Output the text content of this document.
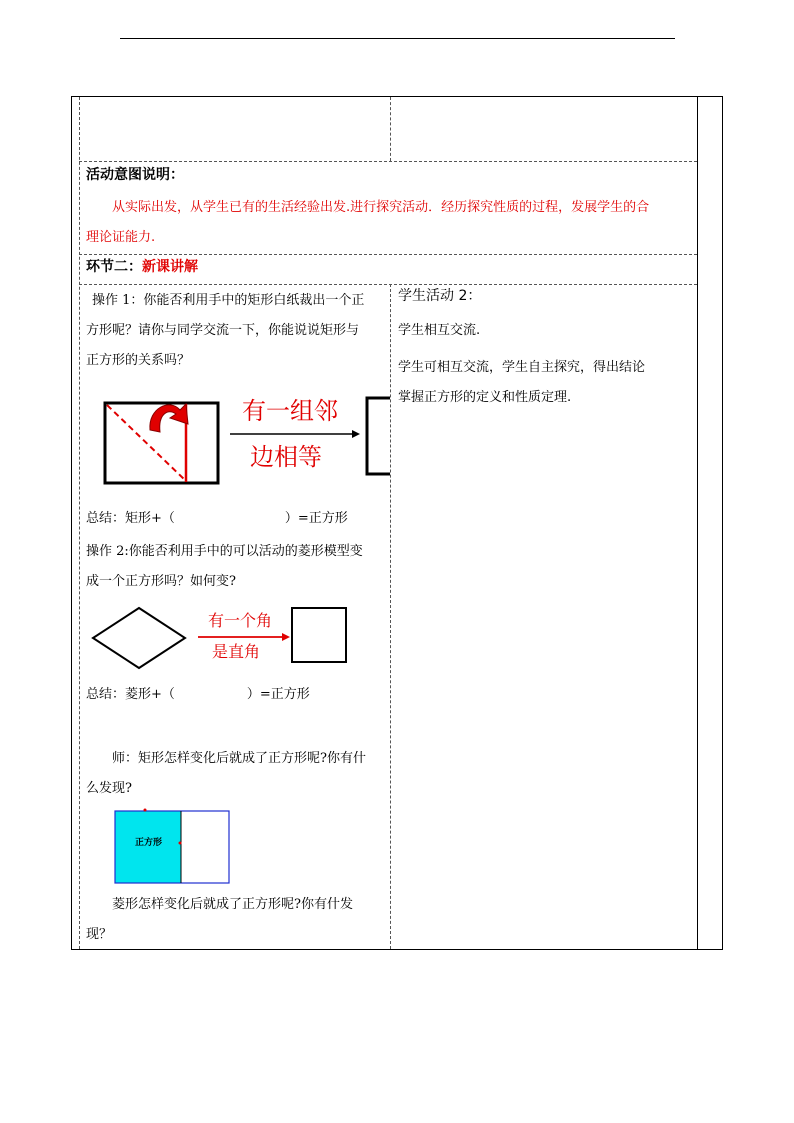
活动意图说明：
从实际出发，从学生已有的生活经验出发.进行探究活动．经历探究性质的过程，发展学生的合
理论证能力.
环节二：新课讲解
操作 1：你能否利用手中的矩形白纸裁出一个正
方形呢？请你与同学交流一下，你能说说矩形与
正方形的关系吗？
有一组邻
边相等
总结：矩形+（	）=正方形
操作 2:你能否利用手中的可以活动的菱形模型变
成一个正方形吗？如何变?
有一个角
是直角
总结：菱形+（	）=正方形
师：矩形怎样变化后就成了正方形呢?你有什
么发现?
正方形
菱形怎样变化后就成了正方形呢?你有什发
现？
学生活动 2：
学生相互交流.
学生可相互交流，学生自主探究，得出结论
掌握正方形的定义和性质定理.
